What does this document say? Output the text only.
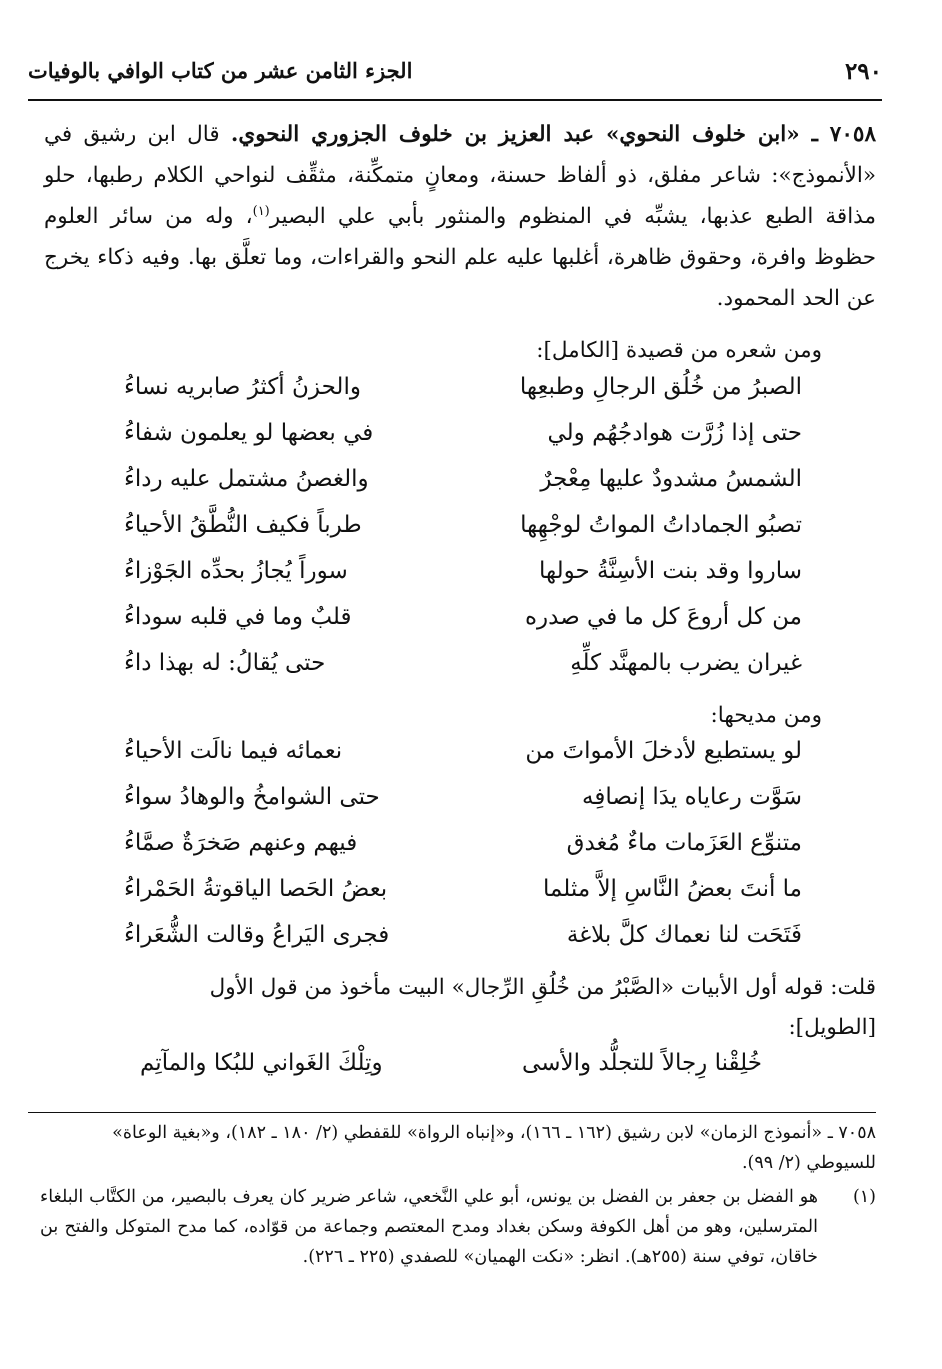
٢٩٠
الجزء الثامن عشر من كتاب الوافي بالوفيات

٧٠٥٨ ـ «ابن خلوف النحوي» عبد العزيز بن خلوف الجزوري النحوي. قال ابن رشيق في «الأنموذج»: شاعر مفلق، ذو ألفاظ حسنة، ومعانٍ متمكِّنة، مثقِّف لنواحي الكلام رطبها، حلو مذاقة الطبع عذبها، يشبِّه في المنظوم والمنثور بأبي علي البصير$^{(١)}$، وله من سائر العلوم حظوظ وافرة، وحقوق ظاهرة، أغلبها عليه علم النحو والقراءات، وما تعلَّق بها. وفيه ذكاء يخرج عن الحد المحمود.

ومن شعره من قصيدة [الكامل]:
الصبرُ من خُلُق الرجالِ وطبعِها
والحزنُ أكثرُ صابريه نساءُ
حتى إذا زُرَّت هوادجُهُم ولي
في بعضها لو يعلمون شفاءُ
الشمسُ مشدودٌ عليها مِعْجرٌ
والغصنُ مشتمل عليه رداءُ
تصبُو الجماداتُ المواتُ لوجْهِها
طرباً فكيف النُّطَّقُ الأحياءُ
ساروا وقد بنت الأسِنَّةُ حولها
سوراً يُجازُ بحدِّه الجَوْزاءُ
من كل أروعَ كل ما في صدره
قلبٌ وما في قلبه سوداءُ
غيران يضرب بالمهنَّد كلِّهِ
حتى يُقالُ: له بهذا داءُ
ومن مديحها:
لو يستطيع لأدخلَ الأمواتَ من
نعمائه فيما نالَت الأحياءُ
سَوَّت رعاياه يدَا إنصافِه
حتى الشوامخُ والوهادُ سواءُ
متنوِّع العَزَمات ماءٌ مُغدق
فيهم وعنهم صَخرَةٌ صمَّاءُ
ما أنتَ بعضُ النَّاسِ إلاَّ مثلما
بعضُ الحَصا الياقوتةُ الحَمْراءُ
فَتَحَت لنا نعماك كلَّ بلاغة
فجرى اليَراعُ وقالت الشُّعَراءُ

قلت: قوله أول الأبيات «الصَّبْرُ من خُلُقِ الرِّجال» البيت مأخوذ من قول الأول
[الطويل]:

خُلِقْنا رِجالاً للتجلُّد والأسى
وتِلْكَ الغَواني للبُكا والمآتِم
٧٠٥٨ ـ «أنموذج الزمان» لابن رشيق (١٦٢ ـ ١٦٦)، و«إنباه الرواة» للقفطي (٢/ ١٨٠ ـ ١٨٢)، و«بغية الوعاة» للسيوطي (٢/ ٩٩).
(١)
هو الفضل بن جعفر بن الفضل بن يونس، أبو علي النَّخعي، شاعر ضرير كان يعرف بالبصير، من الكتَّاب البلغاء المترسلين، وهو من أهل الكوفة وسكن بغداد ومدح المعتصم وجماعة من قوّاده، كما مدح المتوكل والفتح بن خاقان، توفي سنة (٢٥٥هـ). انظر: «نكت الهميان» للصفدي (٢٢٥ ـ ٢٢٦).
